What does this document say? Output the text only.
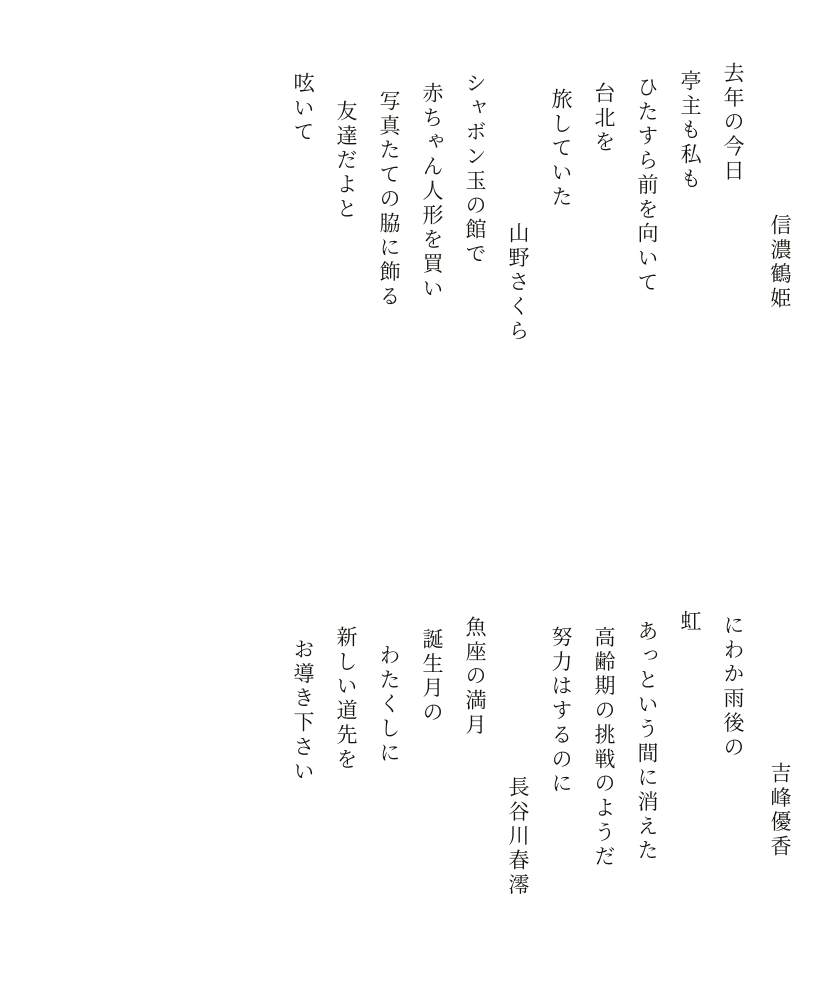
信濃鶴姫
去年の今日
亭主も私も
ひたすら前を向いて
台北を
旅していた
山野さくら
シャボン玉の館で
赤ちゃん人形を買い
写真たての脇に飾る
友達だよと
呟いて
吉峰優香
にわか雨後の
虹
あっという間に消えた
高齢期の挑戦のようだ
努力はするのに
長谷川春澪
魚座の満月
誕生月の
わたくしに
新しい道先を
お導き下さい
